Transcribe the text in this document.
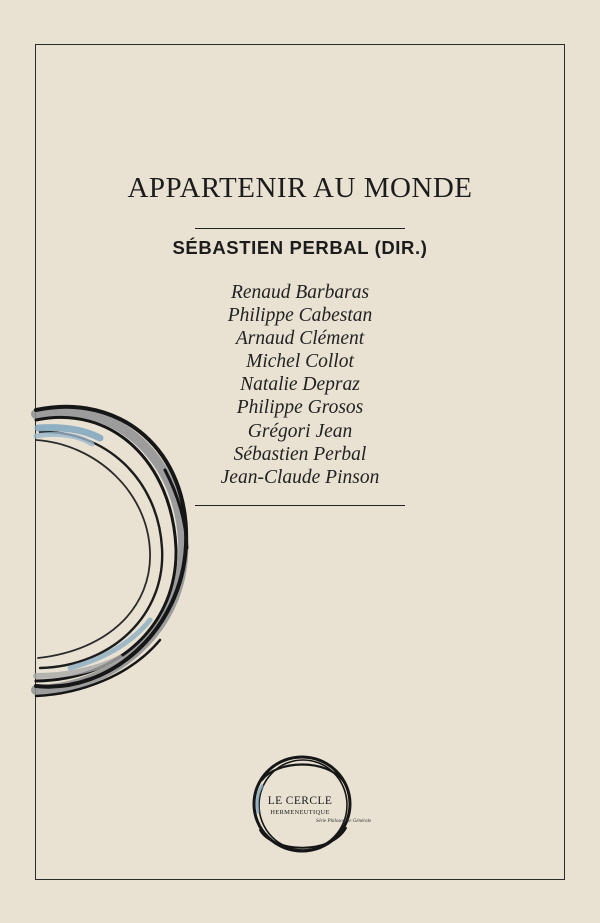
APPARTENIR AU MONDE
SÉBASTIEN PERBAL (DIR.)
Renaud Barbaras
Philippe Cabestan
Arnaud Clément
Michel Collot
Natalie Depraz
Philippe Grosos
Grégori Jean
Sébastien Perbal
Jean-Claude Pinson
LE CERCLE
HERMENEUTIQUE
Série Philosophie Générale
